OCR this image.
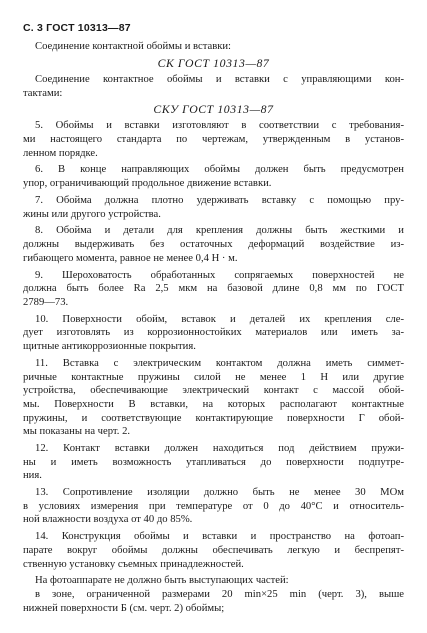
С. 3 ГОСТ 10313—87
Соединение контактной обоймы и вставки:
СК ГОСТ 10313—87
Соединение контактное обоймы и вставки с управляющими кон-
тактами:
СКУ ГОСТ 10313—87
5. Обоймы и вставки изготовляют в соответствии с требования-
ми настоящего стандарта по чертежам, утвержденным в установ-
ленном порядке.
6. В конце направляющих обоймы должен быть предусмотрен
упор, ограничивающий продольное движение вставки.
7. Обойма должна плотно удерживать вставку с помощью пру-
жины или другого устройства.
8. Обойма и детали для крепления должны быть жесткими и
должны выдерживать без остаточных деформаций воздействие из-
гибающего момента, равное не менее 0,4 Н · м.
9. Шероховатость обработанных сопрягаемых поверхностей не
должна быть более Ra 2,5 мкм на базовой длине 0,8 мм по ГОСТ
2789—73.
10. Поверхности обойм, вставок и деталей их крепления сле-
дует изготовлять из коррозионностойких материалов или иметь за-
щитные антикоррозионные покрытия.
11. Вставка с электрическим контактом должна иметь симмет-
ричные контактные пружины силой не менее 1 Н или другие
устройства, обеспечивающие электрический контакт с массой обой-
мы. Поверхности В вставки, на которых располагают контактные
пружины, и соответствующие контактирующие поверхности Г обой-
мы показаны на черт. 2.
12. Контакт вставки должен находиться под действием пружи-
ны и иметь возможность утапливаться до поверхности подпутре-
ния.
13. Сопротивление изоляции должно быть не менее 30 МОм
в условиях измерения при температуре от 0 до 40°С и относитель-
ной влажности воздуха от 40 до 85%.
14. Конструкция обоймы и вставки и пространство на фотоап-
парате вокруг обоймы должны обеспечивать легкую и беспрепят-
ственную установку съемных принадлежностей.
На фотоаппарате не должно быть выступающих частей:
в зоне, ограниченной размерами 20 min×25 min (черт. 3), выше
нижней поверхности Б (см. черт. 2) обоймы;
